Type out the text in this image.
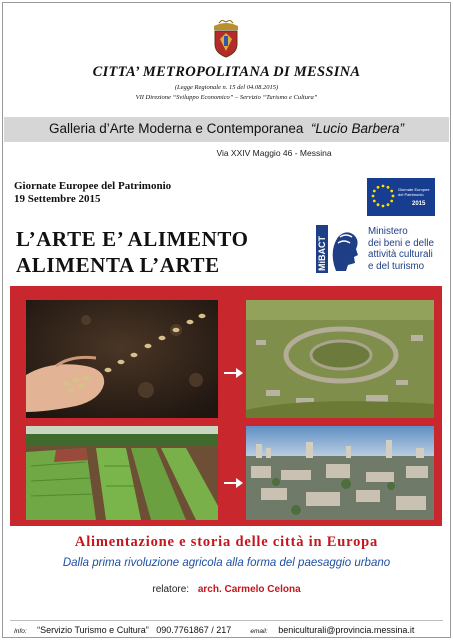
CITTA’ METROPOLITANA DI MESSINA
(Legge Regionale n. 15 del 04.08.2015)
VII Direzione “Sviluppo Economico” – Servizio “Turismo e Cultura”
Galleria d’Arte Moderna e Contemporanea “Lucio Barbera”
Via XXIV Maggio 46 - Messina
Giornate Europee del Patrimonio
19 Settembre 2015
Giornate Europee
del Patrimonio
2015
L’ARTE E’ ALIMENTO
ALIMENTA L’ARTE	MiBACT
Ministero
dei beni e delle
attività culturali
e del turismo
Alimentazione e storia delle città in Europa
Dalla prima rivoluzione agricola alla forma del paesaggio urbano
relatore: arch. Carmelo Celona
Info: “Servizio Turismo e Cultura” 090.7761867 / 217	email: beniculturali@provincia.messina.it
